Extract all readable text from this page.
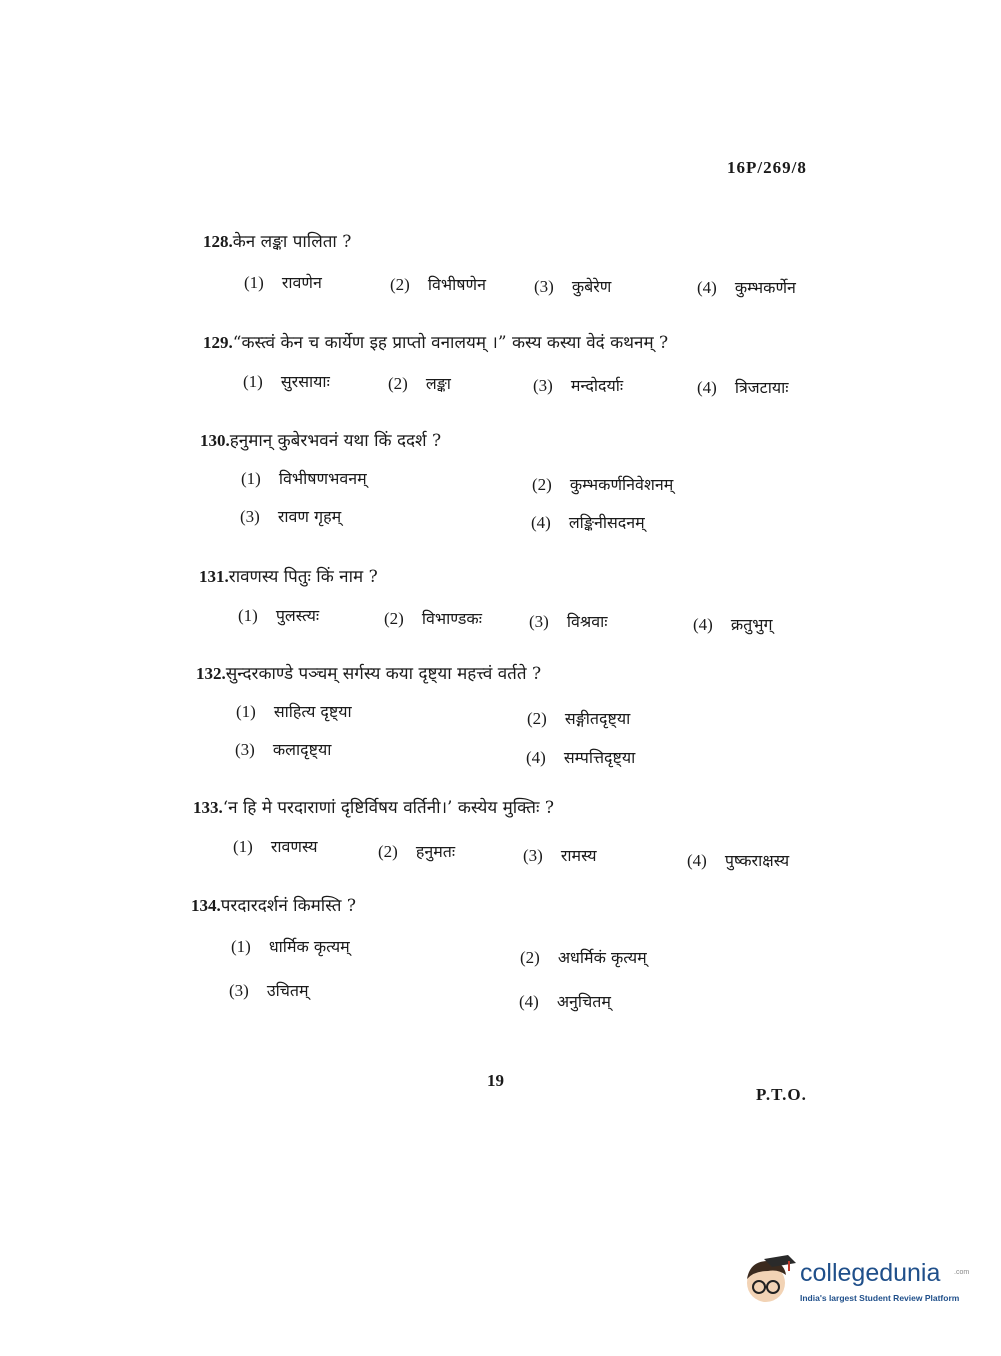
16P/269/8
128.केन लङ्का पालिता ?
(1) रावणेन	(2) विभीषणेन	(3) कुबेरेण	(4) कुम्भकर्णेन
129.“कस्त्वं केन च कार्येण इह प्राप्तो वनालयम् ।” कस्य कस्या वेदं कथनम् ?
(1) सुरसायाः	(2) लङ्का	(3) मन्दोदर्याः	(4) त्रिजटायाः
130.हनुमान् कुबेरभवनं यथा किं ददर्श ?
(1) विभीषणभवनम्	(2) कुम्भकर्णनिवेशनम्
(3) रावण गृहम्	(4) लङ्किनीसदनम्
131.रावणस्य पितुः किं नाम ?
(1) पुलस्त्यः	(2) विभाण्डकः	(3) विश्रवाः	(4) क्रतुभुग्
132.सुन्दरकाण्डे पञ्चम् सर्गस्य कया दृष्ट्या महत्त्वं वर्तते ?
(1) साहित्य दृष्ट्या	(2) सङ्गीतदृष्ट्या
(3) कलादृष्ट्या	(4) सम्पत्तिदृष्ट्या
133.‘न हि मे परदाराणां दृष्टिर्विषय वर्तिनी।’ कस्येय मुक्तिः ?
(1) रावणस्य	(2) हनुमतः	(3) रामस्य	(4) पुष्कराक्षस्य
134.परदारदर्शनं किमस्ति ?
(1) धार्मिक कृत्यम्
(2) अधर्मिकं कृत्यम्
(3) उचितम्
(4) अनुचितम्
19
P.T.O.
collegedunia .com
India's largest Student Review Platform
